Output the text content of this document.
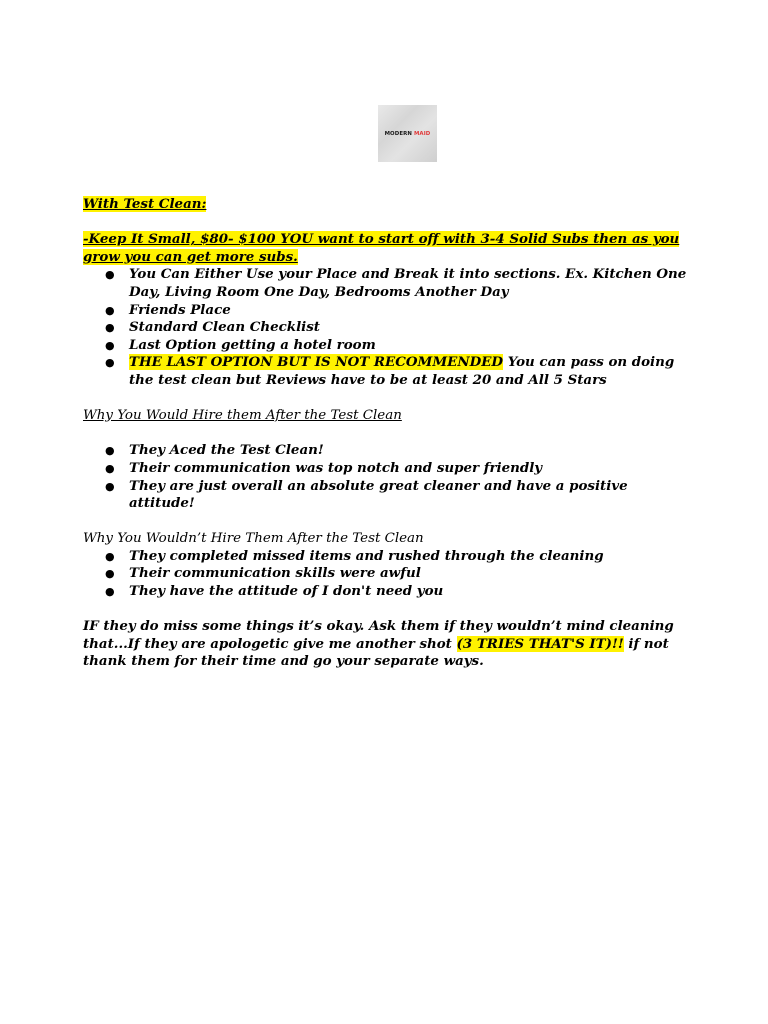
MODERN MAID

With Test Clean:

-Keep It Small, $80- $100 YOU want to start off with 3-4 Solid Subs then as you grow you can get more subs.

● You Can Either Use your Place and Break it into sections. Ex. Kitchen One Day, Living Room One Day, Bedrooms Another Day
● Friends Place
● Standard Clean Checklist
● Last Option getting a hotel room
● THE LAST OPTION BUT IS NOT RECOMMENDED You can pass on doing the test clean but Reviews have to be at least 20 and All 5 Stars

Why You Would Hire them After the Test Clean

● They Aced the Test Clean!
● Their communication was top notch and super friendly
● They are just overall an absolute great cleaner and have a positive attitude!

Why You Wouldn’t Hire Them After the Test Clean

● They completed missed items and rushed through the cleaning
● Their communication skills were awful
● They have the attitude of I don't need you

IF they do miss some things it’s okay. Ask them if they wouldn’t mind cleaning that...If they are apologetic give me another shot (3 TRIES THAT'S IT)!! if not thank them for their time and go your separate ways.
